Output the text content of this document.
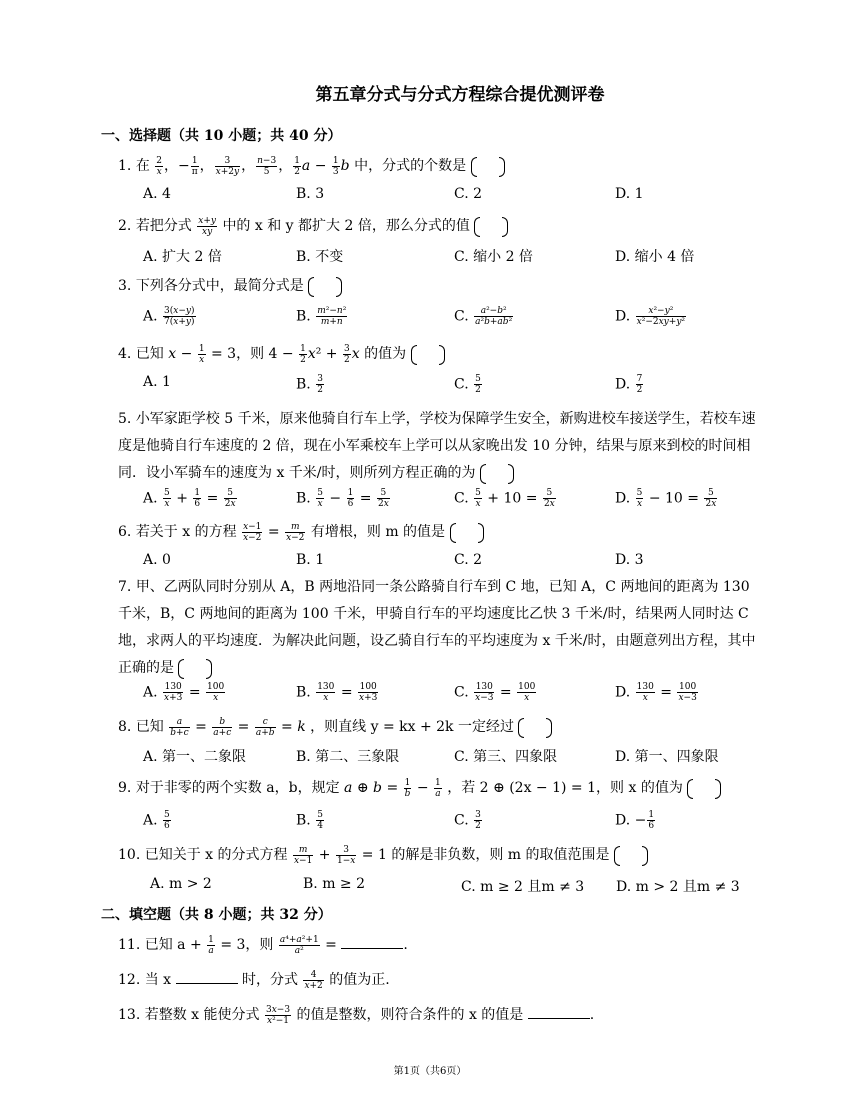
第五章分式与分式方程综合提优测评卷
一、选择题（共 10 小题；共 40 分）
1. 在 $\frac{2}{x}$ ，− $\frac{1}{\pi}$ ， $\frac{3}{x+2y}$ ， $\frac{n-3}{5}$ ， $\frac{1}{2}$ $a - \frac{1}{3}$ b 中，分式的个数是
A. 4	B. 3	C. 2	D. 1
2. 若把分式 $\frac{x+y}{xy}$ 中的 x 和 y 都扩大 2 倍，那么分式的值
A. 扩大 2 倍	B. 不变	C. 缩小 2 倍	D. 缩小 4 倍
3. 下列各分式中，最简分式是
A. $\frac{3(x-y)}{7(x+y)}$	B. $\frac{\text{m²−n²}}{m+n}$	C. $\frac{\text{a²−b²}}{\text{a²b+ab²}}$	D. $\frac{\text{x²−y²}}{\text{x²−2xy+y²}}$
4. 已知 $x - \frac{1}{x} = 3$，则 $4 - \frac{1}{2} x^2 + \frac{3}{2}$ x 的值为
A. 1	B. $\frac{3}{2}$	C. $\frac{5}{2}$	D. $\frac{7}{2}$
5. 小军家距学校 5 千米，原来他骑自行车上学，学校为保障学生安全，新购进校车接送学生，若校车速度是他骑自行车速度的 2 倍，现在小军乘校车上学可以从家晚出发 10 分钟，结果与原来到校的时间相同．设小军骑车的速度为 x 千米/时，则所列方程正确的为
A. $\frac{5}{x} + \frac{1}{6} = \frac{5}{2x}$	B. $\frac{5}{x} - \frac{1}{6} = \frac{5}{2x}$	C. $\frac{5}{x} + 10 = \frac{5}{2x}$	D. $\frac{5}{x} - 10 = \frac{5}{2x}$
6. 若关于 x 的方程 $\frac{x-1}{x-2} = \frac{m}{x-2}$ 有增根，则 m 的值是
A. 0	B. 1	C. 2	D. 3
7. 甲、乙两队同时分别从 A，B 两地沿同一条公路骑自行车到 C 地，已知 A，C 两地间的距离为 130 千米，B，C 两地间的距离为 100 千米，甲骑自行车的平均速度比乙快 3 千米/时，结果两人同时达 C 地，求两人的平均速度．为解决此问题，设乙骑自行车的平均速度为 x 千米/时，由题意列出方程，其中正确的是
A. $\frac{130}{x+3} = \frac{100}{x}$	B. $\frac{130}{x} = \frac{100}{x+3}$	C. $\frac{130}{x-3} = \frac{100}{x}$	D. $\frac{130}{x} = \frac{100}{x-3}$
8. 已知 $\frac{a}{b+c} = \frac{b}{a+c} = \frac{c}{a+b} = k$ ，则直线 y = kx + 2k 一定经过
A. 第一、二象限	B. 第二、三象限	C. 第三、四象限	D. 第一、四象限
9. 对于非零的两个实数 a，b，规定 a ⊕ $b = \frac{1}{b} - \frac{1}{a}$ ，若 2 ⊕ (2x − 1) = 1，则 x 的值为
A. $\frac{5}{6}$	B. $\frac{5}{4}$	C. $\frac{3}{2}$	D. − $\frac{1}{6}$
10. 已知关于 x 的分式方程 $\frac{m}{x-1} + \frac{3}{1-x} = 1$ 的解是非负数，则 m 的取值范围是
A. m > 2	B. m ≥ 2	C. m ≥ 2 且m ≠ 3 D. m > 2 且m ≠ 3
二、填空题（共 8 小题；共 32 分）
11. 已知 $a + \frac{1}{a} = 3$，则 $\frac{\text{a⁴+a²+1}}{\text{a²}}$ =	.
12. 当 x	时，分式 $\frac{4}{x+2}$ 的值为正.
13. 若整数 x 能使分式 $\frac{3x-3}{\text{x²−1}}$ 的值是整数，则符合条件的 x 的值是	.
第1页（共6页）
